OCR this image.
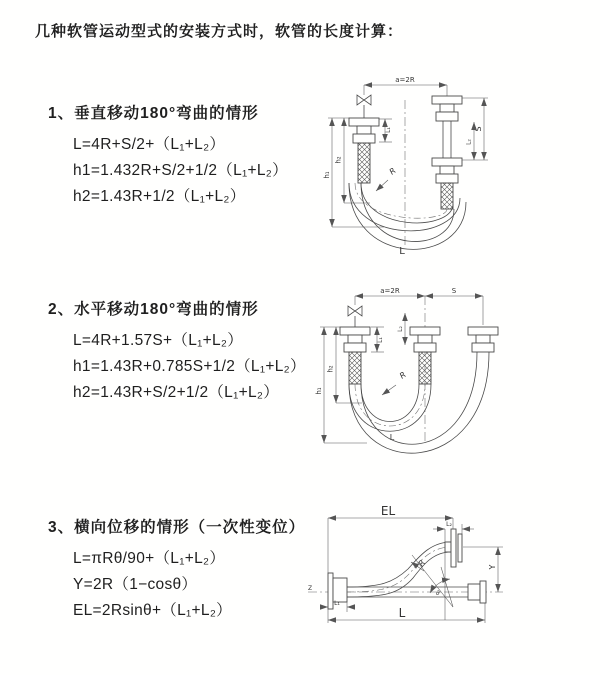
几种软管运动型式的安装方式时，软管的长度计算：
1、垂直移动180°弯曲的情形
L=4R+S/2+（L₁+L₂）
h1=1.432R+S/2+1/2（L₁+L₂）
h2=1.43R+1/2（L₁+L₂）
2、水平移动180°弯曲的情形
L=4R+1.57S+（L₁+L₂）
h1=1.43R+0.785S+1/2（L₁+L₂）
h2=1.43R+S/2+1/2（L₁+L₂）
3、横向位移的情形（一次性变位）
L=πRθ/90+（L₁+L₂）
Y=2R（1−cosθ）
EL=2Rsinθ+（L₁+L₂）
a=2R
h₁
h₂
L₁	S
L₂
R
L
a=2R	S
h₁
h₂
L₁
L₂
R
L
Z
EL
L₂
Y
θ
R
L₁
L
